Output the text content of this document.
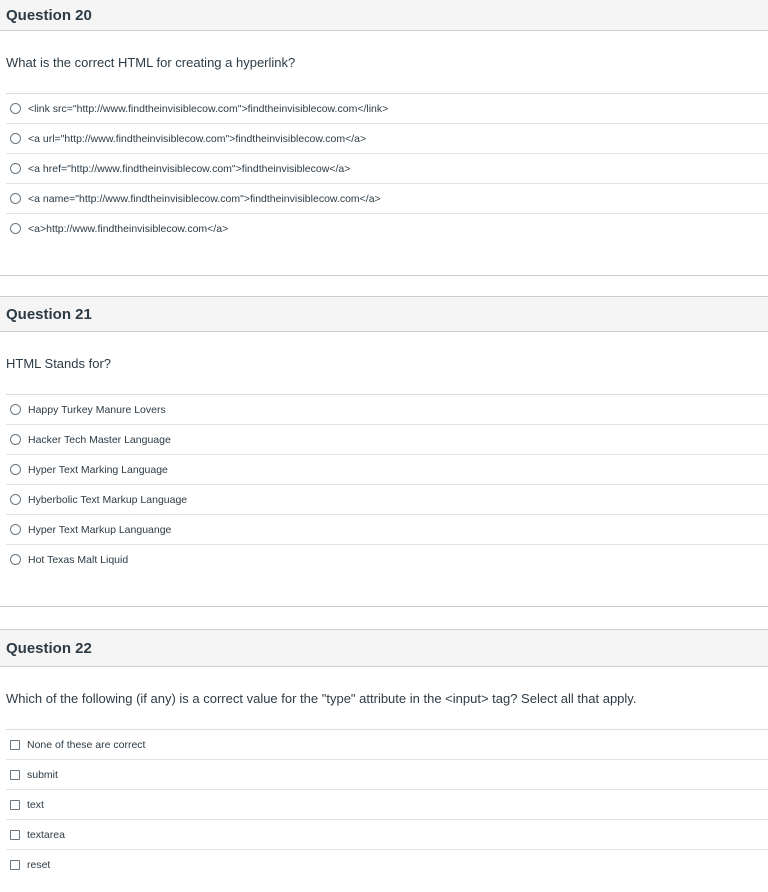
Question 20
What is the correct HTML for creating a hyperlink?
<link src="http://www.findtheinvisiblecow.com">findtheinvisiblecow.com</link>
<a url="http://www.findtheinvisiblecow.com">findtheinvisiblecow.com</a>
<a href="http://www.findtheinvisiblecow.com">findtheinvisiblecow</a>
<a name="http://www.findtheinvisiblecow.com">findtheinvisiblecow.com</a>
<a>http://www.findtheinvisiblecow.com</a>
Question 21
HTML Stands for?
Happy Turkey Manure Lovers
Hacker Tech Master Language
Hyper Text Marking Language
Hyberbolic Text Markup Language
Hyper Text Markup Languange
Hot Texas Malt Liquid
Question 22
Which of the following (if any) is a correct value for the "type" attribute in the <input> tag? Select all that apply.
None of these are correct
submit
text
textarea
reset
